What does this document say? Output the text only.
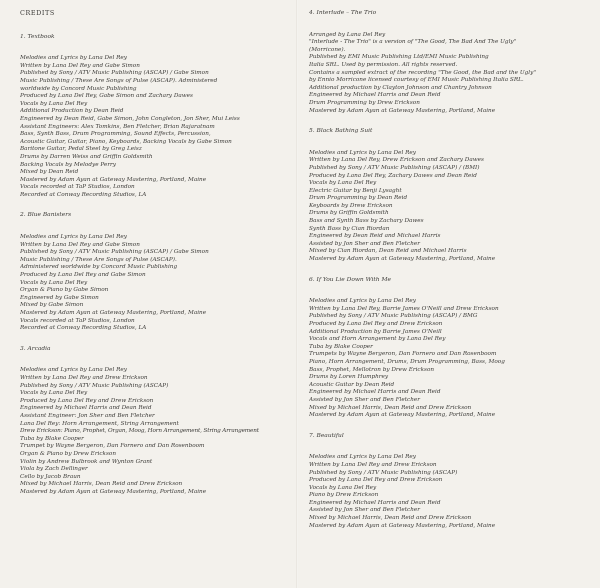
CREDITS
1. Textbook
Melodies and Lyrics by Lana Del Rey
Written by Lana Del Rey and Gabe Simon
Published by Sony / ATV Music Publishing (ASCAP) / Gabe Simon
Music Publishing / These Are Songs of Pulse (ASCAP). Administered
worldwide by Concord Music Publishing
Produced by Lana Del Rey, Gabe Simon and Zachary Dawes
Vocals by Lana Del Rey
Additional Production by Dean Reid
Engineered by Dean Reid, Gabe Simon, John Congleton, Jon Sher, Mui Leiss
Assistant Engineers: Alex Tomkins, Ben Fletcher, Brian Rajaratnam
Bass, Synth Bass, Drum Programming, Sound Effects, Percussion,
Acoustic Guitar, Guitar, Piano, Keyboards, Backing Vocals by Gabe Simon
Baritone Guitar, Pedal Steel by Greg Leisz
Drums by Darren Weiss and Griffin Goldsmith
Backing Vocals by Melodye Perry
Mixed by Dean Reid
Mastered by Adam Ayan at Gateway Mastering, Portland, Maine
Vocals recorded at TaP Studios, London
Recorded at Conway Recording Studios, LA
2. Blue Banisters
Melodies and Lyrics by Lana Del Rey
Written by Lana Del Rey and Gabe Simon
Published by Sony / ATV Music Publishing (ASCAP) / Gabe Simon
Music Publishing / These Are Songs of Pulse (ASCAP).
Administered worldwide by Concord Music Publishing
Produced by Lana Del Rey and Gabe Simon
Vocals by Lana Del Rey
Organ & Piano by Gabe Simon
Engineered by Gabe Simon
Mixed by Gabe Simon
Mastered by Adam Ayan at Gateway Mastering, Portland, Maine
Vocals recorded at TaP Studios, London
Recorded at Conway Recording Studios, LA
3. Arcadia
Melodies and Lyrics by Lana Del Rey
Written by Lana Del Rey and Drew Erickson
Published by Sony / ATV Music Publishing (ASCAP)
Vocals by Lana Del Rey
Produced by Lana Del Rey and Drew Erickson
Engineered by Michael Harris and Dean Reid
Assistant Engineer: Jon Sher and Ben Fletcher
Lana Del Rey: Horn Arrangement, String Arrangement
Drew Erickson: Piano, Prophet, Organ, Moog, Horn Arrangement, String Arrangement
Tuba by Blake Cooper
Trumpet by Wayne Bergeron, Dan Fornero and Dan Rosenboom
Organ & Piano by Drew Erickson
Violin by Andrew Bulbrook and Wynton Grant
Viola by Zach Dellinger
Cello by Jacob Braun
Mixed by Michael Harris, Dean Reid and Drew Erickson
Mastered by Adam Ayan at Gateway Mastering, Portland, Maine
4. Interlude – The Trio
Arranged by Lana Del Rey
"Interlude - The Trio" is a version of "The Good, The Bad And The Ugly"
(Morricone).
Published by EMI Music Publishing Ltd/EMI Music Publishing
Italia SRL. Used by permission. All rights reserved.
Contains a sampled extract of the recording "The Good, the Bad and the Ugly"
by Ennio Morricone licensed courtesy of EMI Music Publishing Italia SRL.
Additional production by Clayton Johnson and Chantry Johnson
Engineered by Michael Harris and Dean Reid
Drum Programming by Drew Erickson
Mastered by Adam Ayan at Gateway Mastering, Portland, Maine
5. Black Bathing Suit
Melodies and Lyrics by Lana Del Rey
Written by Lana Del Rey, Drew Erickson and Zachary Dawes
Published by Sony / ATV Music Publishing (ASCAP) / (BMI)
Produced by Lana Del Rey, Zachary Dawes and Dean Reid
Vocals by Lana Del Rey
Electric Guitar by Benji Lysaght
Drum Programming by Dean Reid
Keyboards by Drew Erickson
Drums by Griffin Goldsmith
Bass and Synth Bass by Zachary Dawes
Synth Bass by Cian Riordan
Engineered by Dean Reid and Michael Harris
Assisted by Jon Sher and Ben Fletcher
Mixed by Cian Riordan, Dean Reid and Michael Harris
Mastered by Adam Ayan at Gateway Mastering, Portland, Maine
6. If You Lie Down With Me
Melodies and Lyrics by Lana Del Rey
Written by Lana Del Rey, Barrie James O'Neill and Drew Erickson
Published by Sony / ATV Music Publishing (ASCAP) / BMG
Produced by Lana Del Rey and Drew Erickson
Additional Production by Barrie James O'Neill
Vocals and Horn Arrangement by Lana Del Rey
Tuba by Blake Cooper
Trumpets by Wayne Bergeron, Dan Fornero and Dan Rosenboom
Piano, Horn Arrangement, Drums, Drum Programming, Bass, Moog
Bass, Prophet, Mellotron by Drew Erickson
Drums by Loren Humphrey
Acoustic Guitar by Dean Reid
Engineered by Michael Harris and Dean Reid
Assisted by Jon Sher and Ben Fletcher
Mixed by Michael Harris, Dean Reid and Drew Erickson
Mastered by Adam Ayan at Gateway Mastering, Portland, Maine
7. Beautiful
Melodies and Lyrics by Lana Del Rey
Written by Lana Del Rey and Drew Erickson
Published by Sony / ATV Music Publishing (ASCAP)
Produced by Lana Del Rey and Drew Erickson
Vocals by Lana Del Rey
Piano by Drew Erickson
Engineered by Michael Harris and Dean Reid
Assisted by Jon Sher and Ben Fletcher
Mixed by Michael Harris, Dean Reid and Drew Erickson
Mastered by Adam Ayan at Gateway Mastering, Portland, Maine
